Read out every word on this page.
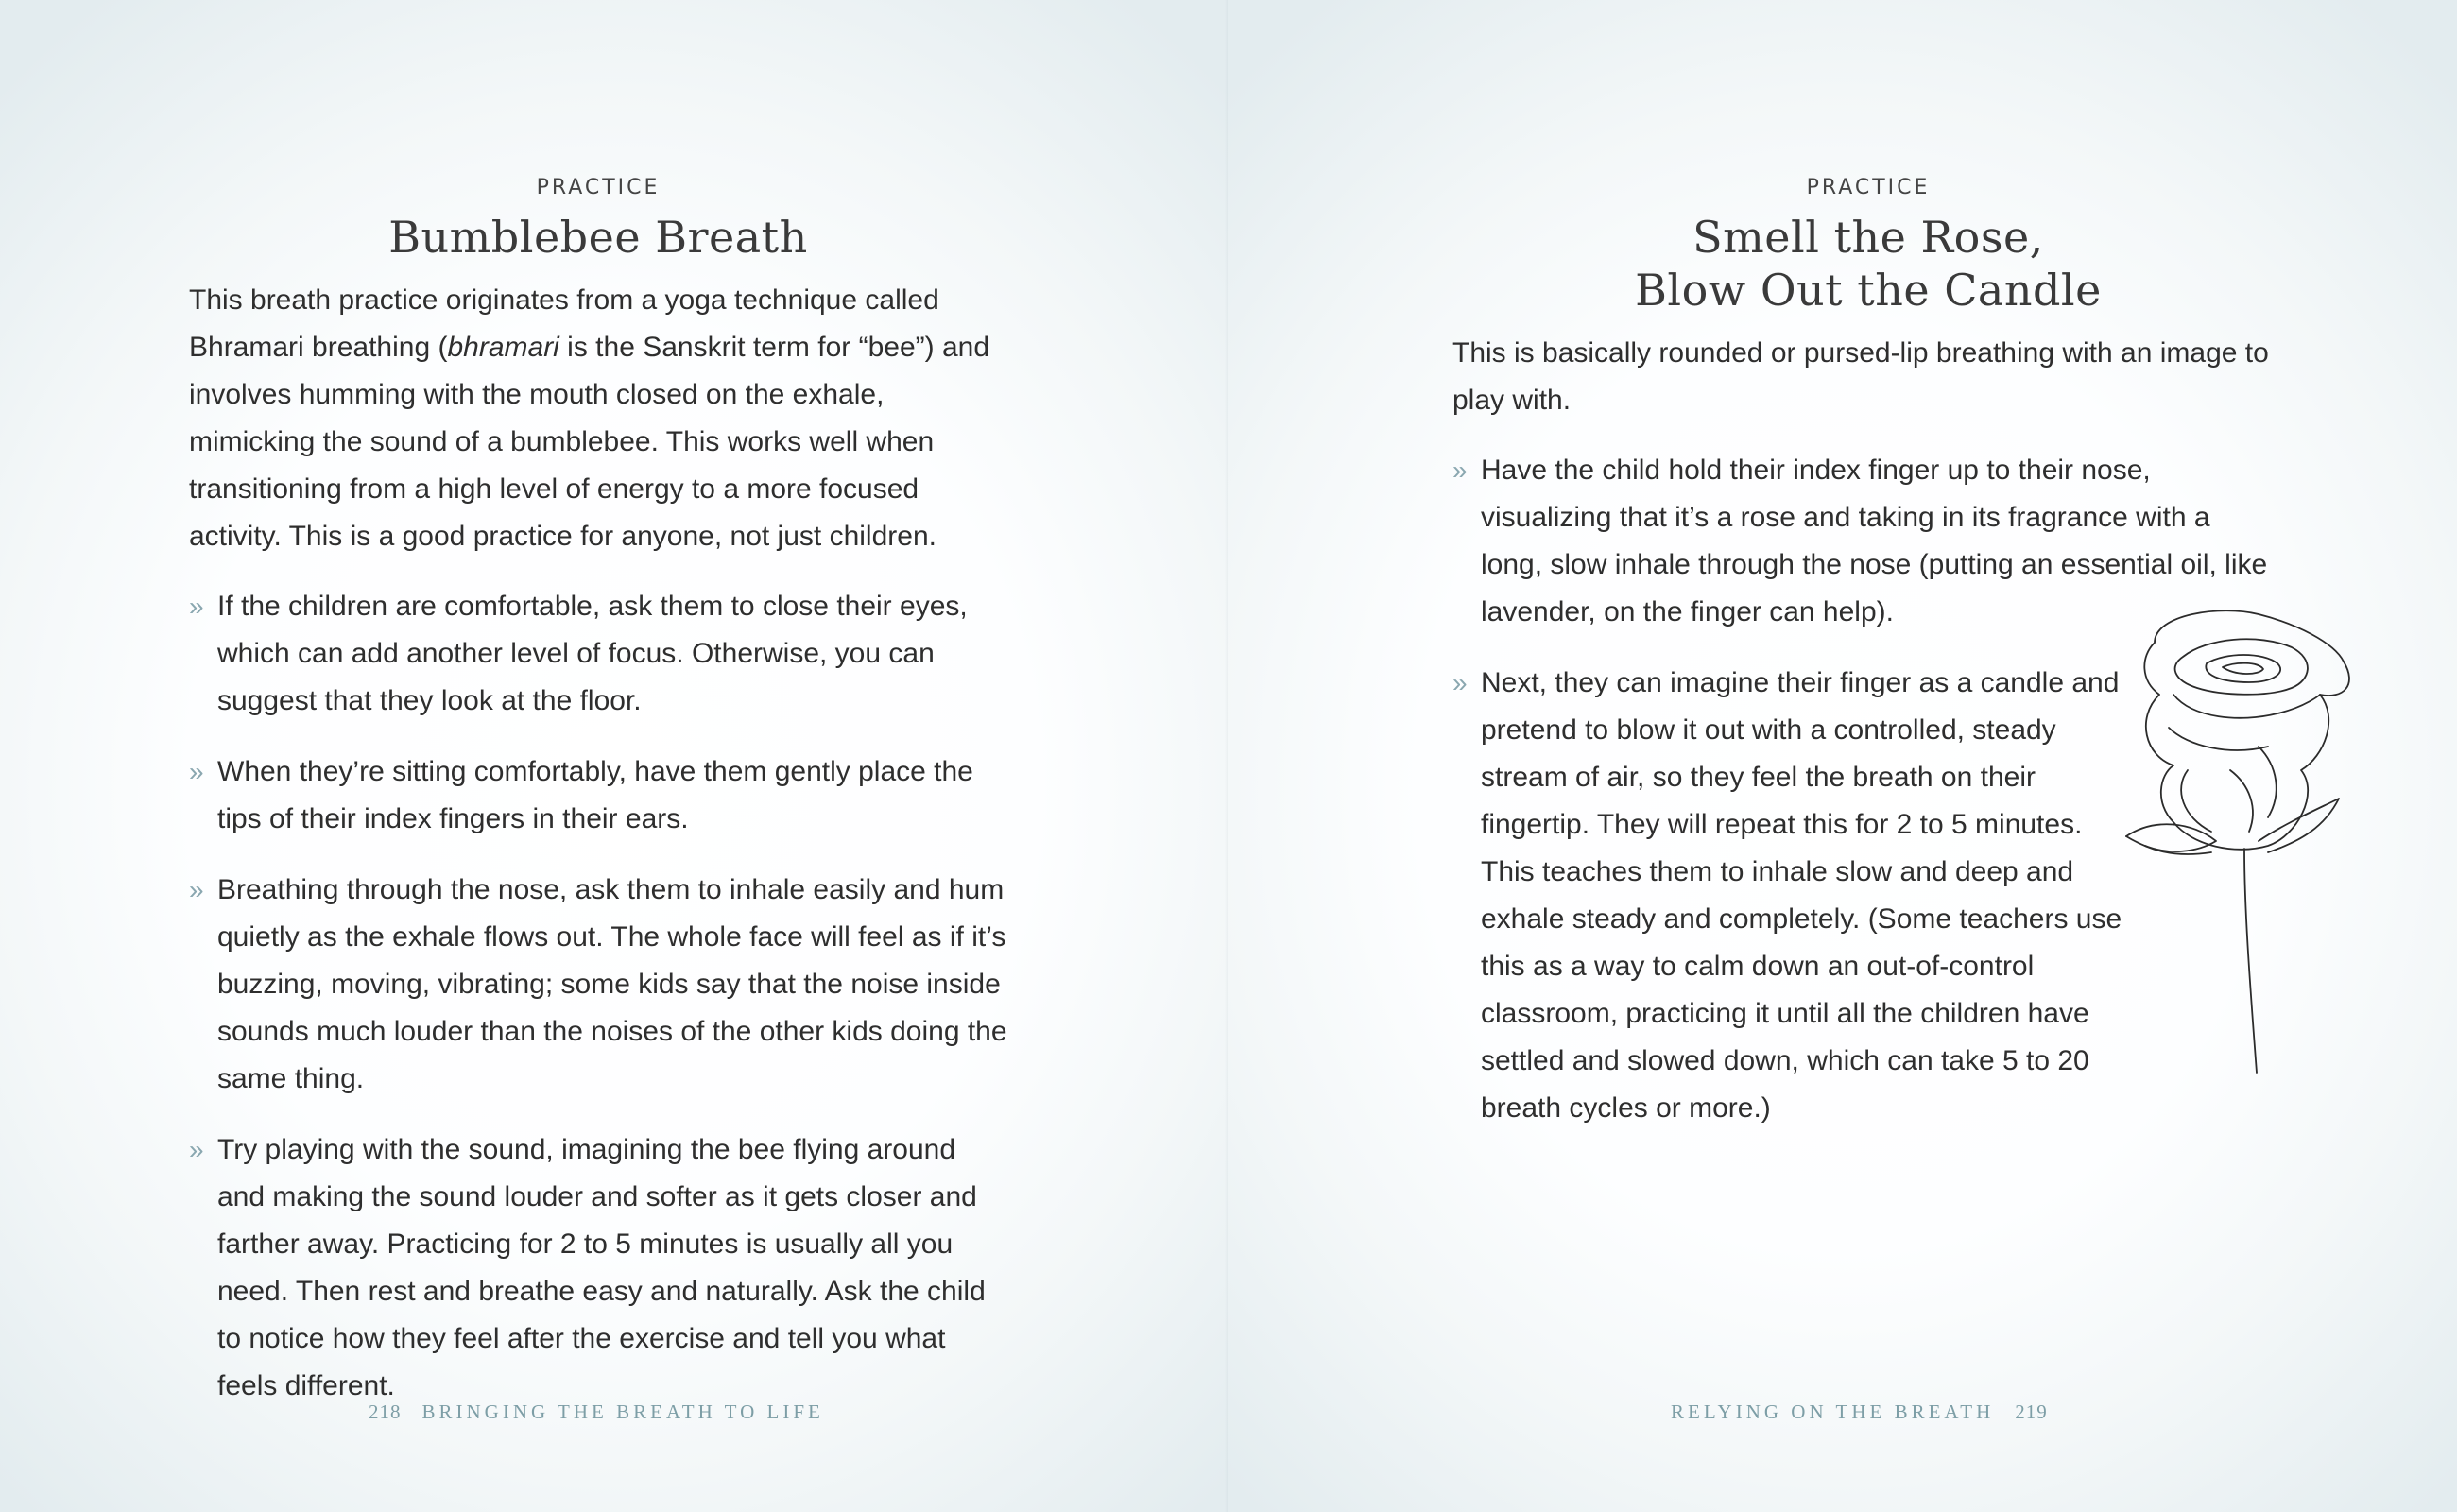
PRACTICE
Bumblebee Breath

This breath practice originates from a yoga technique called Bhramari breathing (bhramari is the Sanskrit term for “bee”) and involves humming with the mouth closed on the exhale, mimicking the sound of a bumblebee. This works well when transitioning from a high level of energy to a more focused activity. This is a good practice for anyone, not just children.

» If the children are comfortable, ask them to close their eyes, which can add another level of focus. Otherwise, you can suggest that they look at the floor.
» When they’re sitting comfortably, have them gently place the tips of their index fingers in their ears.
» Breathing through the nose, ask them to inhale easily and hum quietly as the exhale flows out. The whole face will feel as if it’s buzzing, moving, vibrating; some kids say that the noise inside sounds much louder than the noises of the other kids doing the same thing.
» Try playing with the sound, imagining the bee flying around and making the sound louder and softer as it gets closer and farther away. Practicing for 2 to 5 minutes is usually all you need. Then rest and breathe easy and naturally. Ask the child to notice how they feel after the exercise and tell you what feels different.
218 BRINGING THE BREATH TO LIFE
PRACTICE
Smell the Rose,
Blow Out the Candle

This is basically rounded or pursed-lip breathing with an image to play with.

» Have the child hold their index finger up to their nose, visualizing that it’s a rose and taking in its fragrance with a long, slow inhale through the nose (putting an essential oil, like lavender, on the finger can help).
» Next, they can imagine their finger as a candle and pretend to blow it out with a controlled, steady stream of air, so they feel the breath on their fingertip. They will repeat this for 2 to 5 minutes. This teaches them to inhale slow and deep and exhale steady and completely. (Some teachers use this as a way to calm down an out-of-control classroom, practicing it until all the children have settled and slowed down, which can take 5 to 20 breath cycles or more.)
RELYING ON THE BREATH 219
